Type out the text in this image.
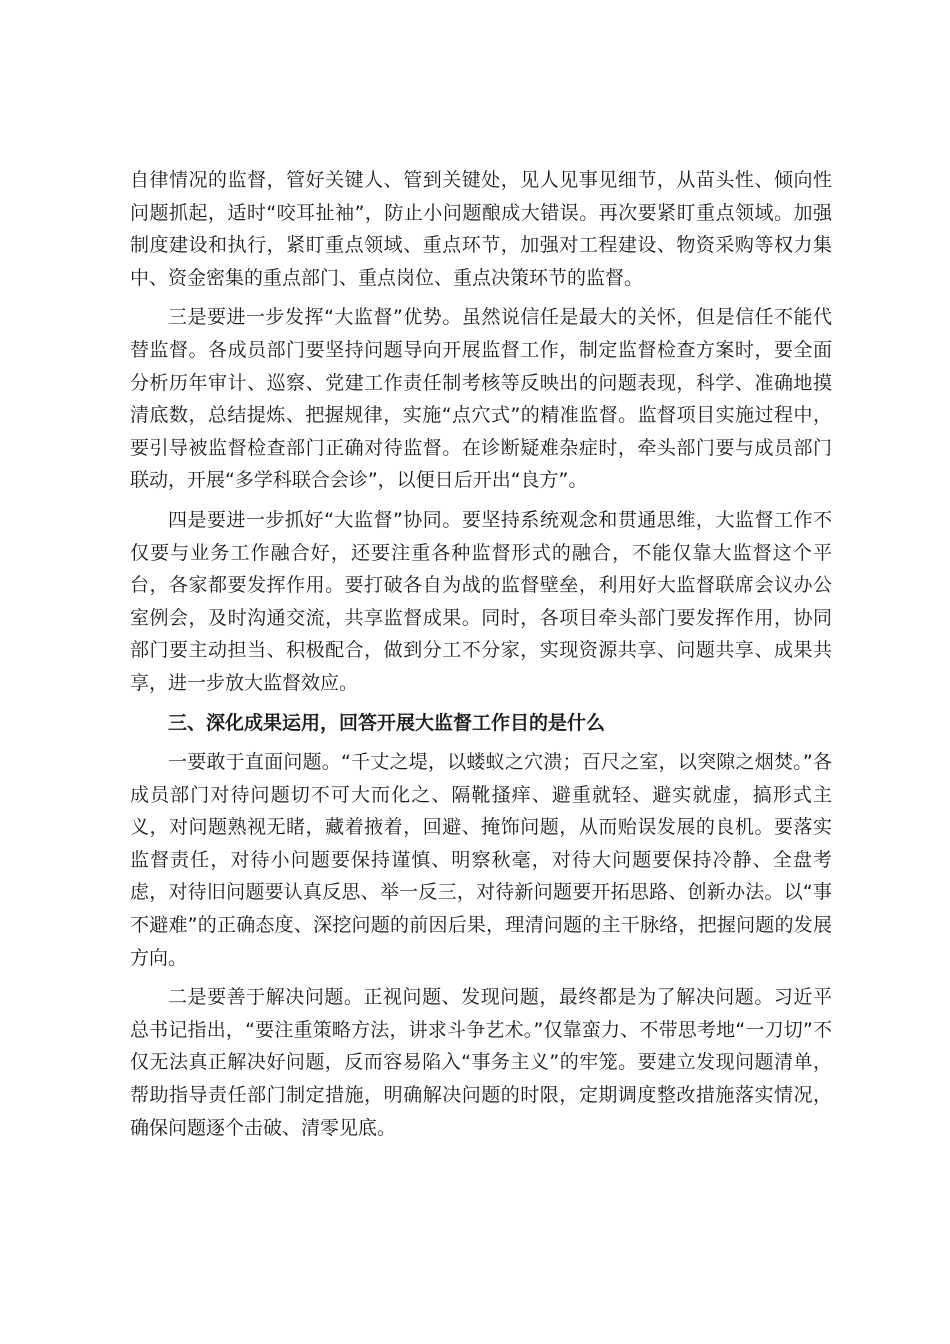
自律情况的监督，管好关键人、管到关键处，见人见事见细节，从苗头性、倾向性问题抓起，适时“咬耳扯袖”，防止小问题酿成大错误。再次要紧盯重点领域。加强制度建设和执行，紧盯重点领域、重点环节，加强对工程建设、物资采购等权力集中、资金密集的重点部门、重点岗位、重点决策环节的监督。

三是要进一步发挥“大监督”优势。虽然说信任是最大的关怀，但是信任不能代替监督。各成员部门要坚持问题导向开展监督工作，制定监督检查方案时，要全面分析历年审计、巡察、党建工作责任制考核等反映出的问题表现，科学、准确地摸清底数，总结提炼、把握规律，实施“点穴式”的精准监督。监督项目实施过程中，要引导被监督检查部门正确对待监督。在诊断疑难杂症时，牵头部门要与成员部门联动，开展“多学科联合会诊”，以便日后开出“良方”。

四是要进一步抓好“大监督”协同。要坚持系统观念和贯通思维，大监督工作不仅要与业务工作融合好，还要注重各种监督形式的融合，不能仅靠大监督这个平台，各家都要发挥作用。要打破各自为战的监督壁垒，利用好大监督联席会议办公室例会，及时沟通交流，共享监督成果。同时，各项目牵头部门要发挥作用，协同部门要主动担当、积极配合，做到分工不分家，实现资源共享、问题共享、成果共享，进一步放大监督效应。

三、深化成果运用，回答开展大监督工作目的是什么

一要敢于直面问题。“千丈之堤，以蝼蚁之穴溃；百尺之室，以突隙之烟焚。”各成员部门对待问题切不可大而化之、隔靴搔痒、避重就轻、避实就虚，搞形式主义，对问题熟视无睹，藏着掖着，回避、掩饰问题，从而贻误发展的良机。要落实监督责任，对待小问题要保持谨慎、明察秋毫，对待大问题要保持冷静、全盘考虑，对待旧问题要认真反思、举一反三，对待新问题要开拓思路、创新办法。以“事不避难”的正确态度、深挖问题的前因后果，理清问题的主干脉络，把握问题的发展方向。

二是要善于解决问题。正视问题、发现问题，最终都是为了解决问题。习近平总书记指出，“要注重策略方法，讲求斗争艺术。”仅靠蛮力、不带思考地“一刀切”不仅无法真正解决好问题，反而容易陷入“事务主义”的牢笼。要建立发现问题清单，帮助指导责任部门制定措施，明确解决问题的时限，定期调度整改措施落实情况，确保问题逐个击破、清零见底。
